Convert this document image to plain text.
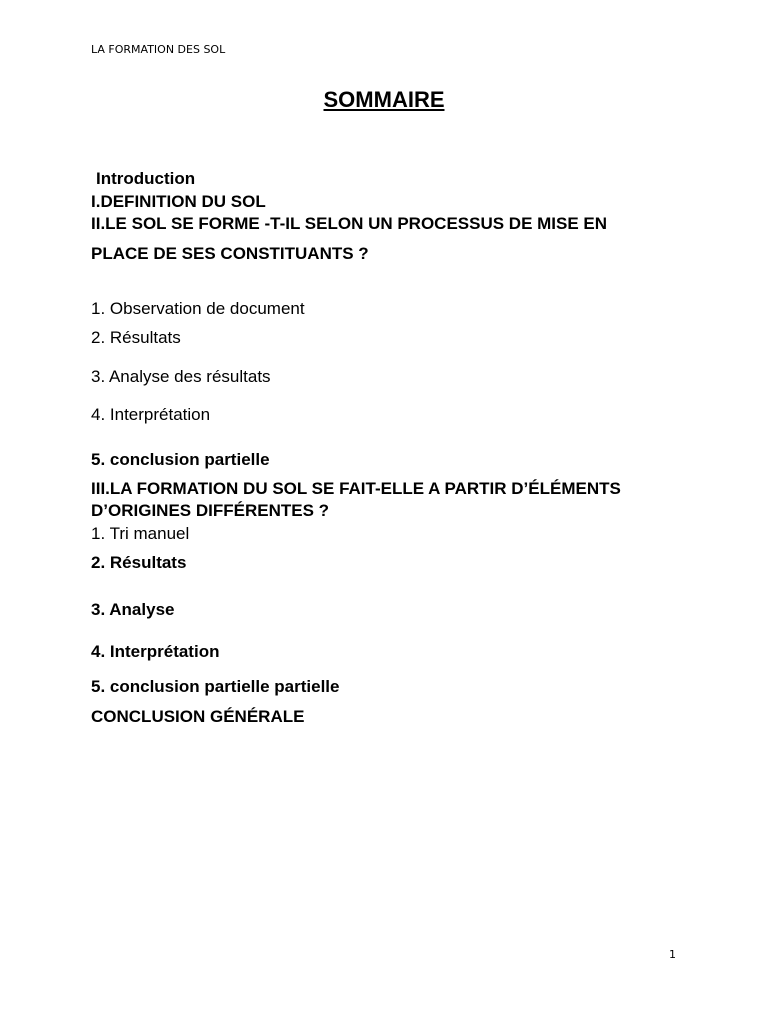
LA FORMATION DES SOL
SOMMAIRE
Introduction
I.DEFINITION DU SOL
II.LE SOL SE FORME -T-IL SELON UN PROCESSUS DE MISE EN
PLACE DE SES CONSTITUANTS ?
1. Observation de document
2. Résultats
3. Analyse des résultats
4. Interprétation
5. conclusion partielle
III.LA FORMATION DU SOL SE FAIT-ELLE A PARTIR D’ÉLÉMENTS
D’ORIGINES DIFFÉRENTES ?
1. Tri manuel
2. Résultats
3. Analyse
4. Interprétation
5. conclusion partielle partielle
CONCLUSION GÉNÉRALE
1
